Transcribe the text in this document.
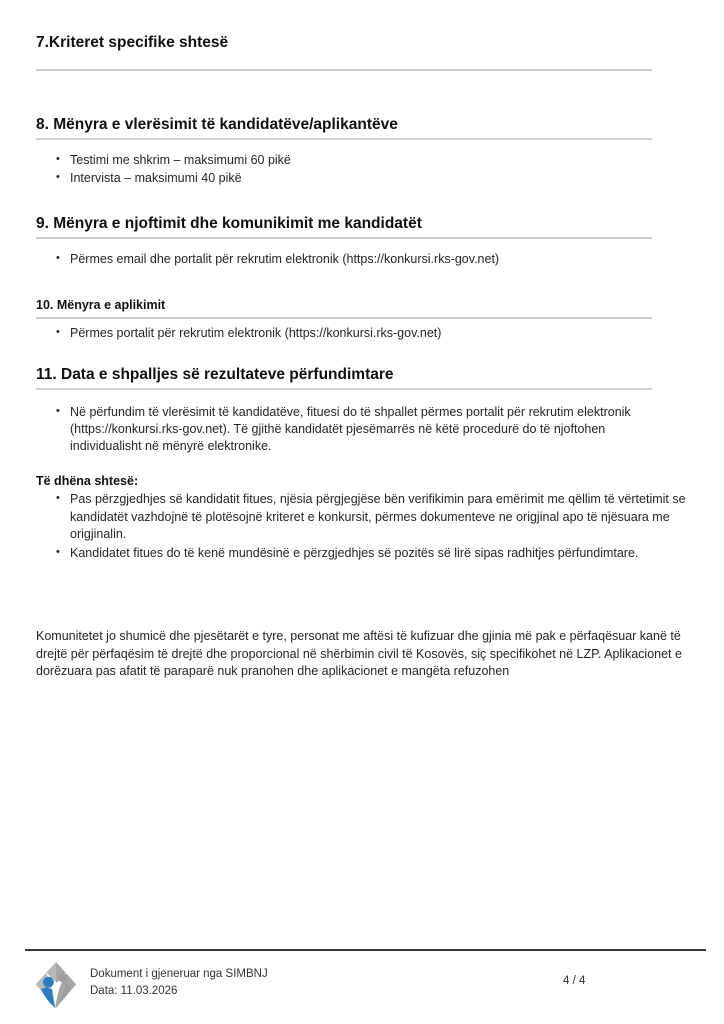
7.Kriteret specifike shtesë
8. Mënyra e vlerësimit të kandidatëve/aplikantëve
• Testimi me shkrim – maksimumi 60 pikë
• Intervista – maksimumi 40 pikë
9. Mënyra e njoftimit dhe komunikimit me kandidatët
• Përmes email dhe portalit për rekrutim elektronik (https://konkursi.rks-gov.net)
10. Mënyra e aplikimit
• Përmes portalit për rekrutim elektronik (https://konkursi.rks-gov.net)
11. Data e shpalljes së rezultateve përfundimtare
• Në përfundim të vlerësimit të kandidatëve, fituesi do të shpallet përmes portalit për rekrutim elektronik (https://konkursi.rks-gov.net). Të gjithë kandidatët pjesëmarrës në këtë procedurë do të njoftohen individualisht në mënyrë elektronike.
Të dhëna shtesë:
• Pas përzgjedhjes së kandidatit fitues, njësia përgjegjëse bën verifikimin para emërimit me qëllim të vërtetimit se kandidatët vazhdojnë të plotësojnë kriteret e konkursit, përmes dokumenteve ne origjinal apo të njësuara me origjinalin.
• Kandidatet fitues do të kenë mundësinë e përzgjedhjes së pozitës së lirë sipas radhitjes përfundimtare.

Komunitetet jo shumicë dhe pjesëtarët e tyre, personat me aftësi të kufizuar dhe gjinia më pak e përfaqësuar kanë të drejtë për përfaqësim të drejtë dhe proporcional në shërbimin civil të Kosovës, siç specifikohet në LZP. Aplikacionet e dorëzuara pas afatit të paraparë nuk pranohen dhe aplikacionet e mangëta refuzohen

Dokument i gjeneruar nga SIMBNJ
Data: 11.03.2026
4 / 4
